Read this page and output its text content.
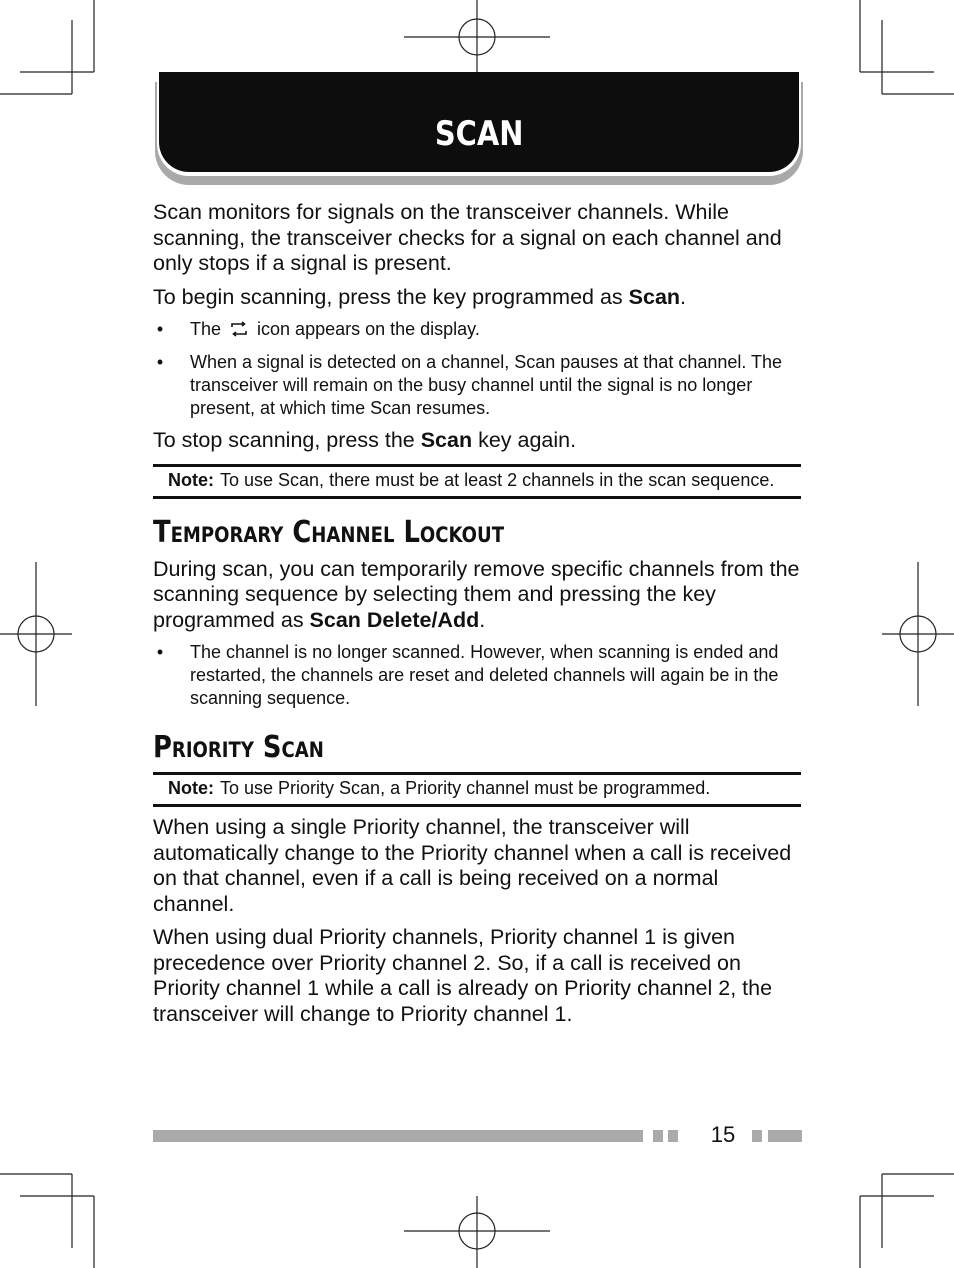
SCAN

Scan monitors for signals on the transceiver channels. While scanning, the transceiver checks for a signal on each channel and only stops if a signal is present.

To begin scanning, press the key programmed as Scan.

• The  icon appears on the display.
• When a signal is detected on a channel, Scan pauses at that channel. The transceiver will remain on the busy channel until the signal is no longer present, at which time Scan resumes.

To stop scanning, press the Scan key again.

Note: To use Scan, there must be at least 2 channels in the scan sequence.
Temporary Channel Lockout

During scan, you can temporarily remove specific channels from the scanning sequence by selecting them and pressing the key programmed as Scan Delete/Add.

• The channel is no longer scanned. However, when scanning is ended and restarted, the channels are reset and deleted channels will again be in the scanning sequence.
Priority Scan
Note: To use Priority Scan, a Priority channel must be programmed.

When using a single Priority channel, the transceiver will automatically change to the Priority channel when a call is received on that channel, even if a call is being received on a normal channel.

When using dual Priority channels, Priority channel 1 is given precedence over Priority channel 2. So, if a call is received on Priority channel 1 while a call is already on Priority channel 2, the transceiver will change to Priority channel 1.

15
